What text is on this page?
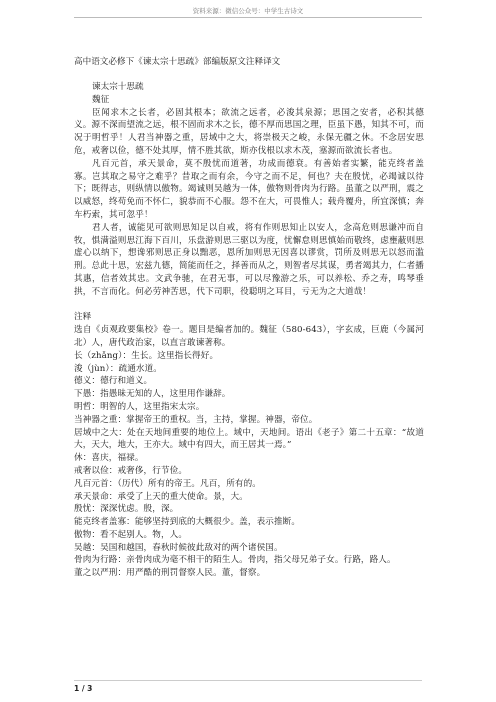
资料来源：微信公众号：中学生古诗文
高中语文必修下《谏太宗十思疏》部编版原文注释译文
谏太宗十思疏
魏征

臣闻求木之长者，必固其根本；欲流之远者，必浚其泉源；思国之安者，必积其德义。源不深而望流之远，根不固而求木之长，德不厚而思国之理，臣虽下愚，知其不可，而况于明哲乎！人君当神器之重，居域中之大，将崇极天之峻，永保无疆之休。不念居安思危，戒奢以俭，德不处其厚，情不胜其欲，斯亦伐根以求木茂，塞源而欲流长者也。

凡百元首，承天景命，莫不殷忧而道著，功成而德衰。有善始者实繁，能克终者盖寡。岂其取之易守之难乎？昔取之而有余，今守之而不足，何也？夫在殷忧，必竭诚以待下；既得志，则纵情以傲物。竭诚则吴越为一体，傲物则骨肉为行路。虽董之以严刑，震之以威怒，终苟免而不怀仁，貌恭而不心服。怨不在大，可畏惟人；载舟覆舟，所宜深慎；奔车朽索，其可忽乎！

君人者，诚能见可欲则思知足以自戒，将有作则思知止以安人，念高危则思谦冲而自牧，惧满溢则思江海下百川，乐盘游则思三驱以为度，忧懈怠则思慎始而敬终，虑壅蔽则思虚心以纳下，想谗邪则思正身以黜恶，恩所加则思无因喜以谬赏，罚所及则思无以怒而滥刑。总此十思，宏兹九德，简能而任之，择善而从之，则智者尽其谋，勇者竭其力，仁者播其惠，信者效其忠。文武争驰，在君无事，可以尽豫游之乐，可以养松、乔之寿，鸣琴垂拱，不言而化。何必劳神苦思，代下司职，役聪明之耳目，亏无为之大道哉！

注释
选自《贞观政要集校》卷一。题目是编者加的。魏征（580-643），字玄成，巨鹿（今属河北）人，唐代政治家，以直言敢谏著称。
长（zhǎng）：生长。这里指长得好。
浚（jùn）：疏通水道。
德义：德行和道义。
下愚：指愚昧无知的人，这里用作谦辞。
明哲：明智的人，这里指宋太宗。
当神器之重：掌握帝王的重权。当，主持，掌握。神器，帝位。
居域中之大：处在天地间重要的地位上。域中，天地间。语出《老子》第二十五章：“故道大，天大，地大，王亦大。域中有四大，而王居其一焉。”
休：喜庆，福禄。
戒奢以俭：戒奢侈，行节俭。
凡百元首：（历代）所有的帝王。凡百，所有的。
承天景命：承受了上天的重大使命。景，大。
殷忧：深深忧虑。殷，深。
能克终者盖寡：能够坚持到底的大概很少。盖，表示推断。
傲物：看不起别人。物，人。
吴越：吴国和越国，春秋时候彼此敌对的两个诸侯国。
骨肉为行路：亲骨肉成为毫不相干的陌生人。骨肉，指父母兄弟子女。行路，路人。
董之以严刑：用严酷的刑罚督察人民。董，督察。
1 / 3
